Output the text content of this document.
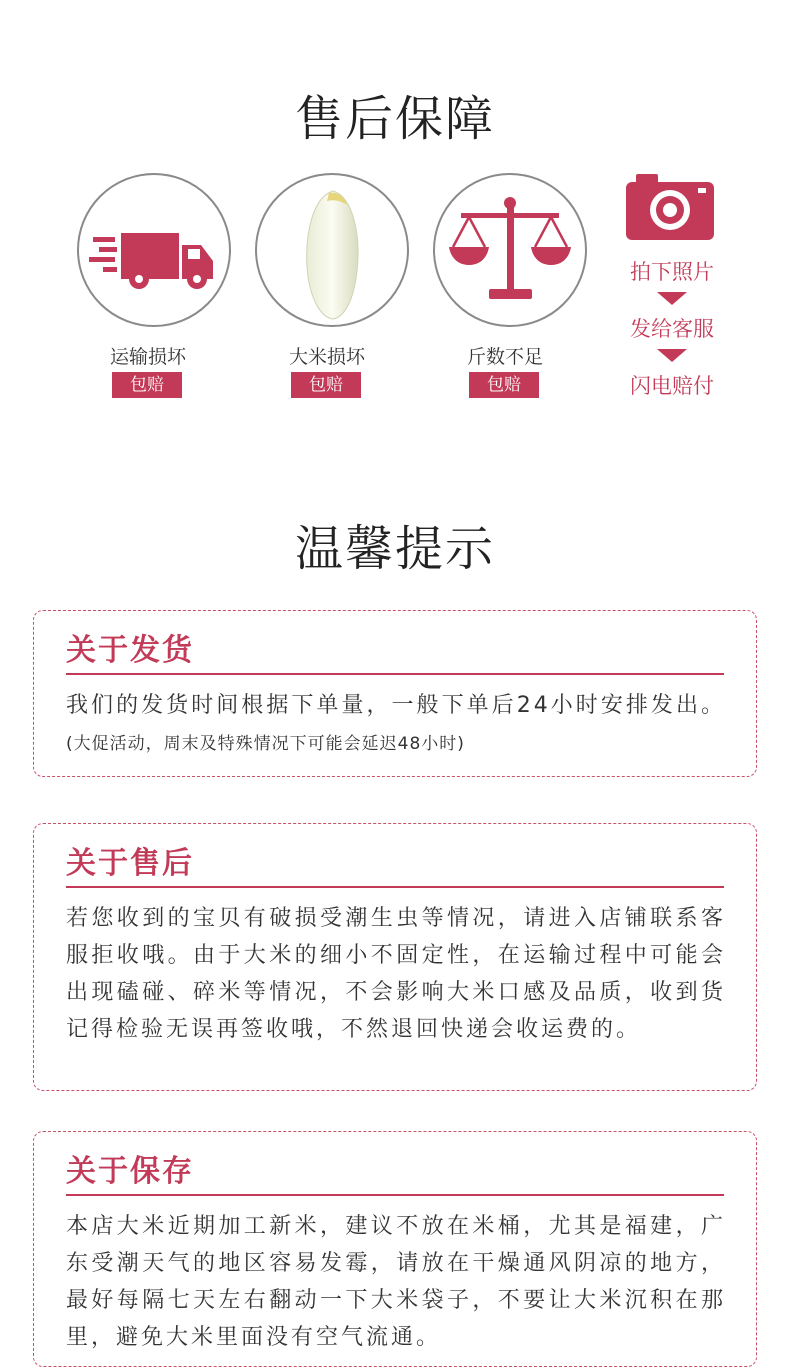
售后保障
运输损坏
包赔
大米损坏
包赔
斤数不足
包赔
拍下照片
发给客服
闪电赔付
温馨提示
关于发货
我们的发货时间根据下单量，一般下单后24小时安排发出。(大促活动，周末及特殊情况下可能会延迟48小时)
关于售后
若您收到的宝贝有破损受潮生虫等情况，请进入店铺联系客服拒收哦。由于大米的细小不固定性，在运输过程中可能会出现磕碰、碎米等情况，不会影响大米口感及品质，收到货记得检验无误再签收哦，不然退回快递会收运费的。
关于保存
本店大米近期加工新米，建议不放在米桶，尤其是福建，广东受潮天气的地区容易发霉，请放在干燥通风阴凉的地方，最好每隔七天左右翻动一下大米袋子，不要让大米沉积在那里，避免大米里面没有空气流通。
